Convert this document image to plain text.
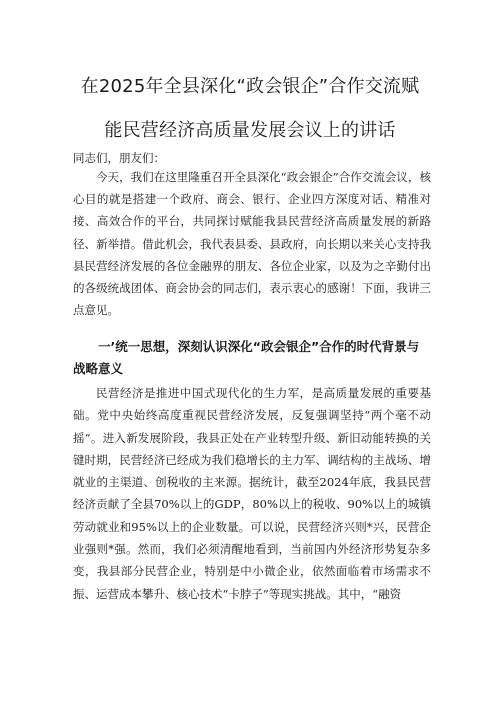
在2025年全县深化“政会银企”合作交流赋
能民营经济高质量发展会议上的讲话

同志们，朋友们：

今天，我们在这里隆重召开全县深化“政会银企”合作交流会议，核心目的就是搭建一个政府、商会、银行、企业四方深度对话、精准对接、高效合作的平台，共同探讨赋能我县民营经济高质量发展的新路径、新举措。借此机会，我代表县委、县政府，向长期以来关心支持我县民营经济发展的各位金融界的朋友、各位企业家，以及为之辛勤付出的各级统战团体、商会协会的同志们，表示衷心的感谢！下面，我讲三点意见。

一’统一思想，深刻认识深化“政会银企”合作的时代背景与战略意义

民营经济是推进中国式现代化的生力军，是高质量发展的重要基础。党中央始终高度重视民营经济发展，反复强调坚持“两个毫不动摇”。进入新发展阶段，我县正处在产业转型升级、新旧动能转换的关键时期，民营经济已经成为我们稳增长的主力军、调结构的主战场、增就业的主渠道、创税收的主来源。据统计，截至2024年底，我县民营经济贡献了全县70%以上的GDP，80%以上的税收、90%以上的城镇劳动就业和95%以上的企业数量。可以说，民营经济兴则*兴，民营企业强则*强。然而，我们必须清醒地看到，当前国内外经济形势复杂多变，我县部分民营企业，特别是中小微企业，依然面临着市场需求不振、运营成本攀升、核心技术“卡脖子”等现实挑战。其中，“融资
